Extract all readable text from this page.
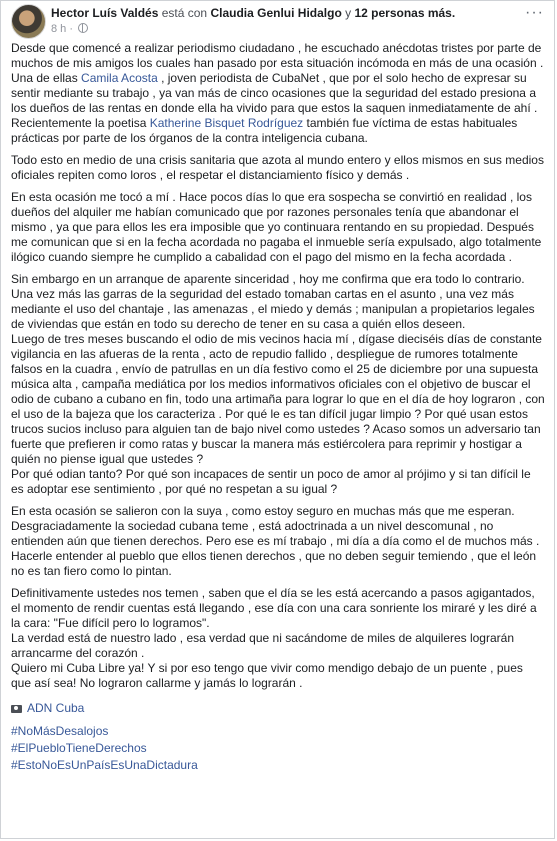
Hector Luís Valdés está con Claudia Genlui Hidalgo y 12 personas más.
8 h ·
···

Desde que comencé a realizar periodismo ciudadano , he escuchado anécdotas tristes por parte de muchos de mis amigos los cuales han pasado por esta situación incómoda en más de una ocasión .
Una de ellas Camila Acosta , joven periodista de CubaNet , que por el solo hecho de expresar su sentir mediante su trabajo , ya van más de cinco ocasiones que la seguridad del estado presiona a los dueños de las rentas en donde ella ha vivido para que estos la saquen inmediatamente de ahí . Recientemente la poetisa Katherine Bisquet Rodríguez también fue víctima de estas habituales prácticas por parte de los órganos de la contra inteligencia cubana.

Todo esto en medio de una crisis sanitaria que azota al mundo entero y ellos mismos en sus medios oficiales repiten como loros , el respetar el distanciamiento físico y demás .

En esta ocasión me tocó a mí . Hace pocos días lo que era sospecha se convirtió en realidad , los dueños del alquiler me habían comunicado que por razones personales tenía que abandonar el mismo , ya que para ellos les era imposible que yo continuara rentando en su propiedad. Después me comunican que si en la fecha acordada no pagaba el inmueble sería expulsado, algo totalmente ilógico cuando siempre he cumplido a cabalidad con el pago del mismo en la fecha acordada .

Sin embargo en un arranque de aparente sinceridad , hoy me confirma que era todo lo contrario. Una vez más las garras de la seguridad del estado tomaban cartas en el asunto , una vez más mediante el uso del chantaje , las amenazas , el miedo y demás ; manipulan a propietarios legales de viviendas que están en todo su derecho de tener en su casa a quién ellos deseen.
Luego de tres meses buscando el odio de mis vecinos hacia mí , dígase dieciséis días de constante vigilancia en las afueras de la renta , acto de repudio fallido , despliegue de rumores totalmente falsos en la cuadra , envío de patrullas en un día festivo como el 25 de diciembre por una supuesta música alta , campaña mediática por los medios informativos oficiales con el objetivo de buscar el odio de cubano a cubano en fin, todo una artimaña para lograr lo que en el día de hoy lograron , con el uso de la bajeza que los caracteriza . Por qué le es tan difícil jugar limpio ? Por qué usan estos trucos sucios incluso para alguien tan de bajo nivel como ustedes ? Acaso somos un adversario tan fuerte que prefieren ir como ratas y buscar la manera más estiércolera para reprimir y hostigar a quién no piense igual que ustedes ?
Por qué odian tanto? Por qué son incapaces de sentir un poco de amor al prójimo y si tan difícil le es adoptar ese sentimiento , por qué no respetan a su igual ?

En esta ocasión se salieron con la suya , como estoy seguro en muchas más que me esperan. Desgraciadamente la sociedad cubana teme , está adoctrinada a un nivel descomunal , no entienden aún que tienen derechos. Pero ese es mí trabajo , mi día a día como el de muchos más . Hacerle entender al pueblo que ellos tienen derechos , que no deben seguir temiendo , que el león no es tan fiero como lo pintan.

Definitivamente ustedes nos temen , saben que el día se les está acercando a pasos agigantados, el momento de rendir cuentas está llegando , ese día con una cara sonriente los miraré y les diré a la cara: "Fue difícil pero lo logramos".
La verdad está de nuestro lado , esa verdad que ni sacándome de miles de alquileres lograrán arrancarme del corazón .
Quiero mi Cuba Libre ya! Y si por eso tengo que vivir como mendigo debajo de un puente , pues que así sea! No lograron callarme y jamás lo lograrán .

ADN Cuba
#NoMásDesalojos
#ElPuebloTieneDerechos
#EstoNoEsUnPaísEsUnaDictadura
